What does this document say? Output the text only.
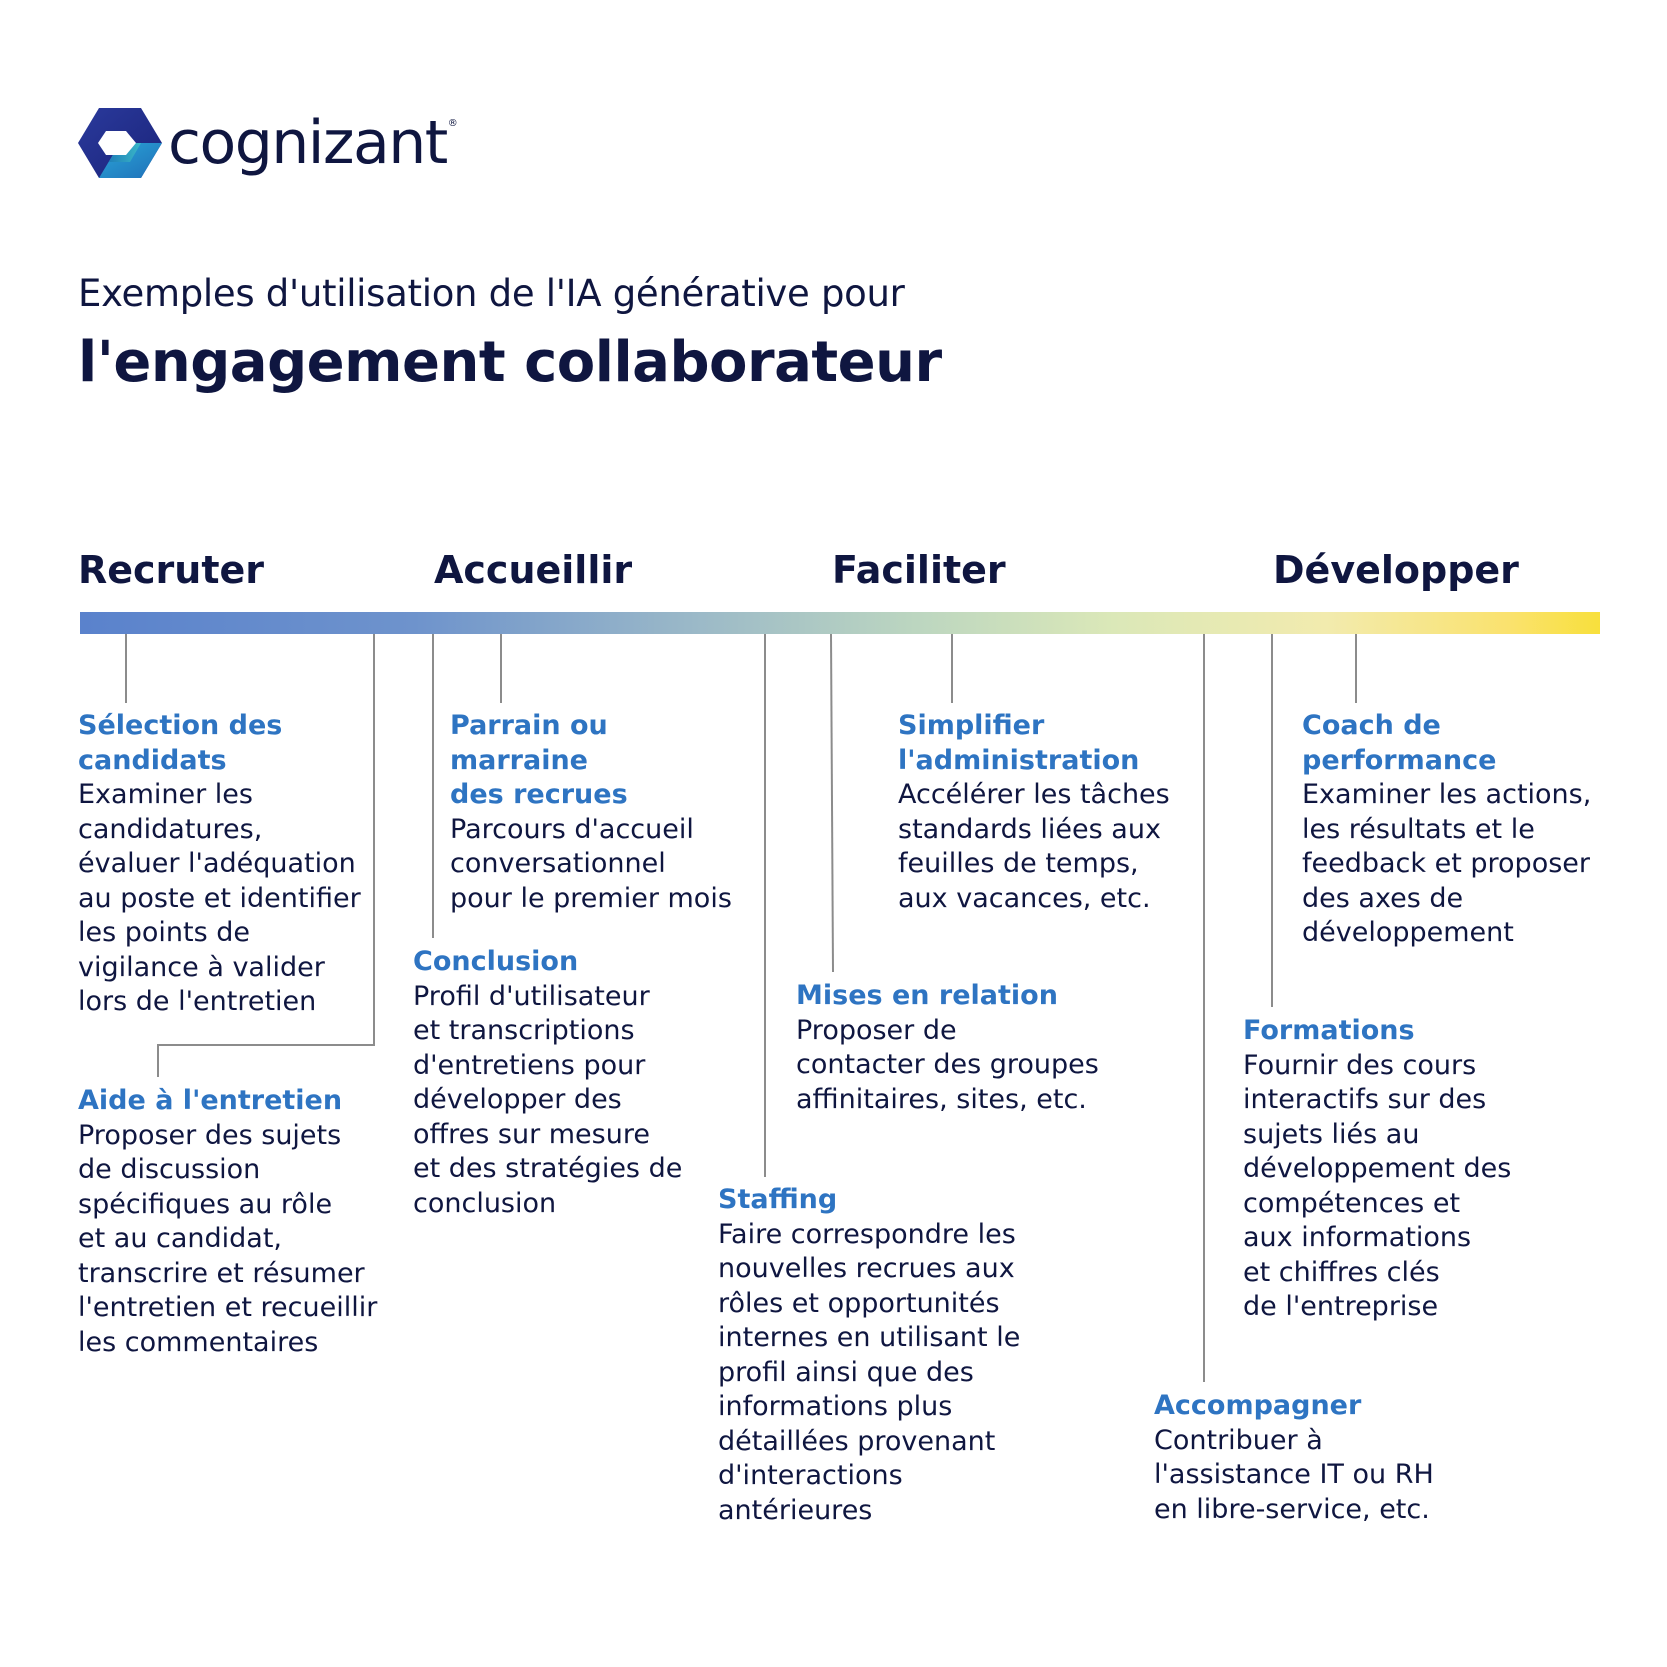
cognizant®
Exemples d'utilisation de l'IA générative pour
l'engagement collaborateur
Recruter	Accueillir	Faciliter	Développer
Sélection des
candidats
Examiner les
candidatures,
évaluer l'adéquation
au poste et identifier
les points de
vigilance à valider
lors de l'entretien
Aide à l'entretien
Proposer des sujets
de discussion
spécifiques au rôle
et au candidat,
transcrire et résumer
l'entretien et recueillir
les commentaires
Parrain ou marraine
des recrues
Parcours d'accueil
conversationnel
pour le premier mois
Conclusion
Profil d'utilisateur
et transcriptions
d'entretiens pour
développer des
offres sur mesure
et des stratégies de
conclusion	Staffing
Faire correspondre les
nouvelles recrues aux
rôles et opportunités
internes en utilisant le
profil ainsi que des
informations plus
détaillées provenant
d'interactions
antérieures
Mises en relation
Proposer de
contacter des groupes
affinitaires, sites, etc.
Simplifier
l'administration
Accélérer les tâches
standards liées aux
feuilles de temps,
aux vacances, etc.
Accompagner
Contribuer à
l'assistance IT ou RH
en libre-service, etc.
Formations
Fournir des cours
interactifs sur des
sujets liés au
développement des
compétences et
aux informations
et chiffres clés
de l'entreprise
Coach de
performance
Examiner les actions,
les résultats et le
feedback et proposer
des axes de
développement
